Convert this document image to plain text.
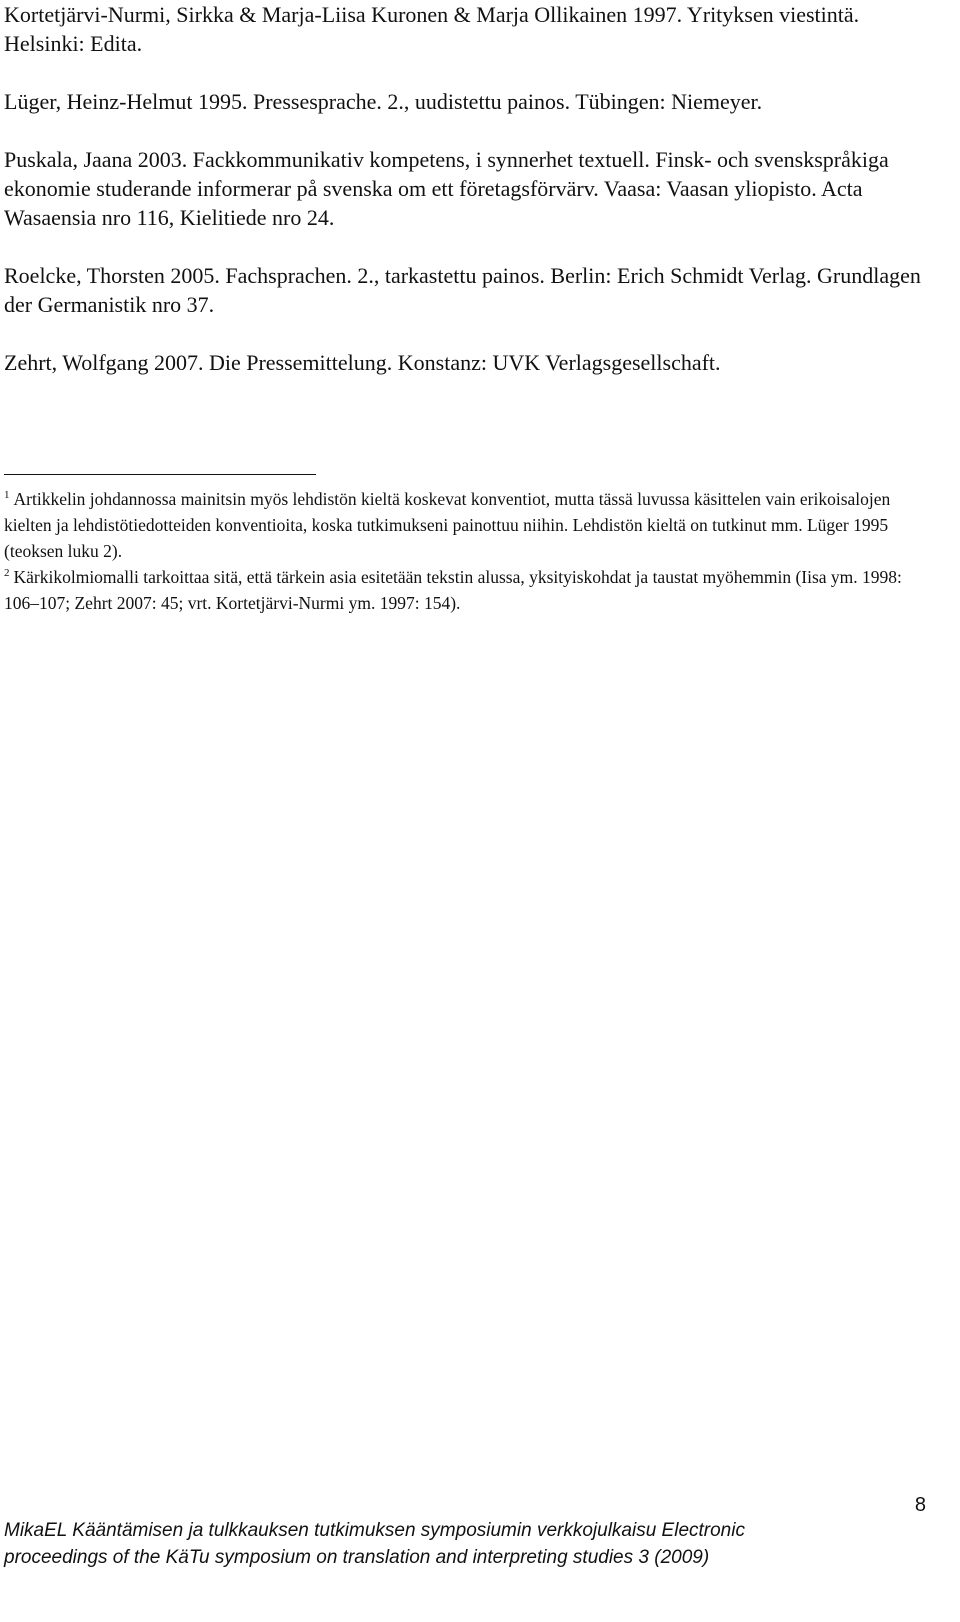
Kortetjärvi-Nurmi, Sirkka & Marja-Liisa Kuronen & Marja Ollikainen 1997. Yrityksen viestintä. Helsinki: Edita.

Lüger, Heinz-Helmut 1995. Pressesprache. 2., uudistettu painos. Tübingen: Niemeyer.

Puskala, Jaana 2003. Fackkommunikativ kompetens, i synnerhet textuell. Finsk- och svenskspråkiga ekonomie studerande informerar på svenska om ett företagsförvärv. Vaasa: Vaasan yliopisto. Acta Wasaensia nro 116, Kielitiede nro 24.

Roelcke, Thorsten 2005. Fachsprachen. 2., tarkastettu painos. Berlin: Erich Schmidt Verlag. Grundlagen der Germanistik nro 37.

Zehrt, Wolfgang 2007. Die Pressemittelung. Konstanz: UVK Verlagsgesellschaft.

$^1$ Artikkelin johdannossa mainitsin myös lehdistön kieltä koskevat konventiot, mutta tässä luvussa käsittelen vain erikoisalojen kielten ja lehdistötiedotteiden konventioita, koska tutkimukseni painottuu niihin. Lehdistön kieltä on tutkinut mm. Lüger 1995 (teoksen luku 2).

$^2$ Kärkikolmiomalli tarkoittaa sitä, että tärkein asia esitetään tekstin alussa, yksityiskohdat ja taustat myöhemmin (Iisa ym. 1998: 106–107; Zehrt 2007: 45; vrt. Kortetjärvi-Nurmi ym. 1997: 154).

8
MikaEL Kääntämisen ja tulkkauksen tutkimuksen symposiumin verkkojulkaisu Electronic
proceedings of the KäTu symposium on translation and interpreting studies 3 (2009)
